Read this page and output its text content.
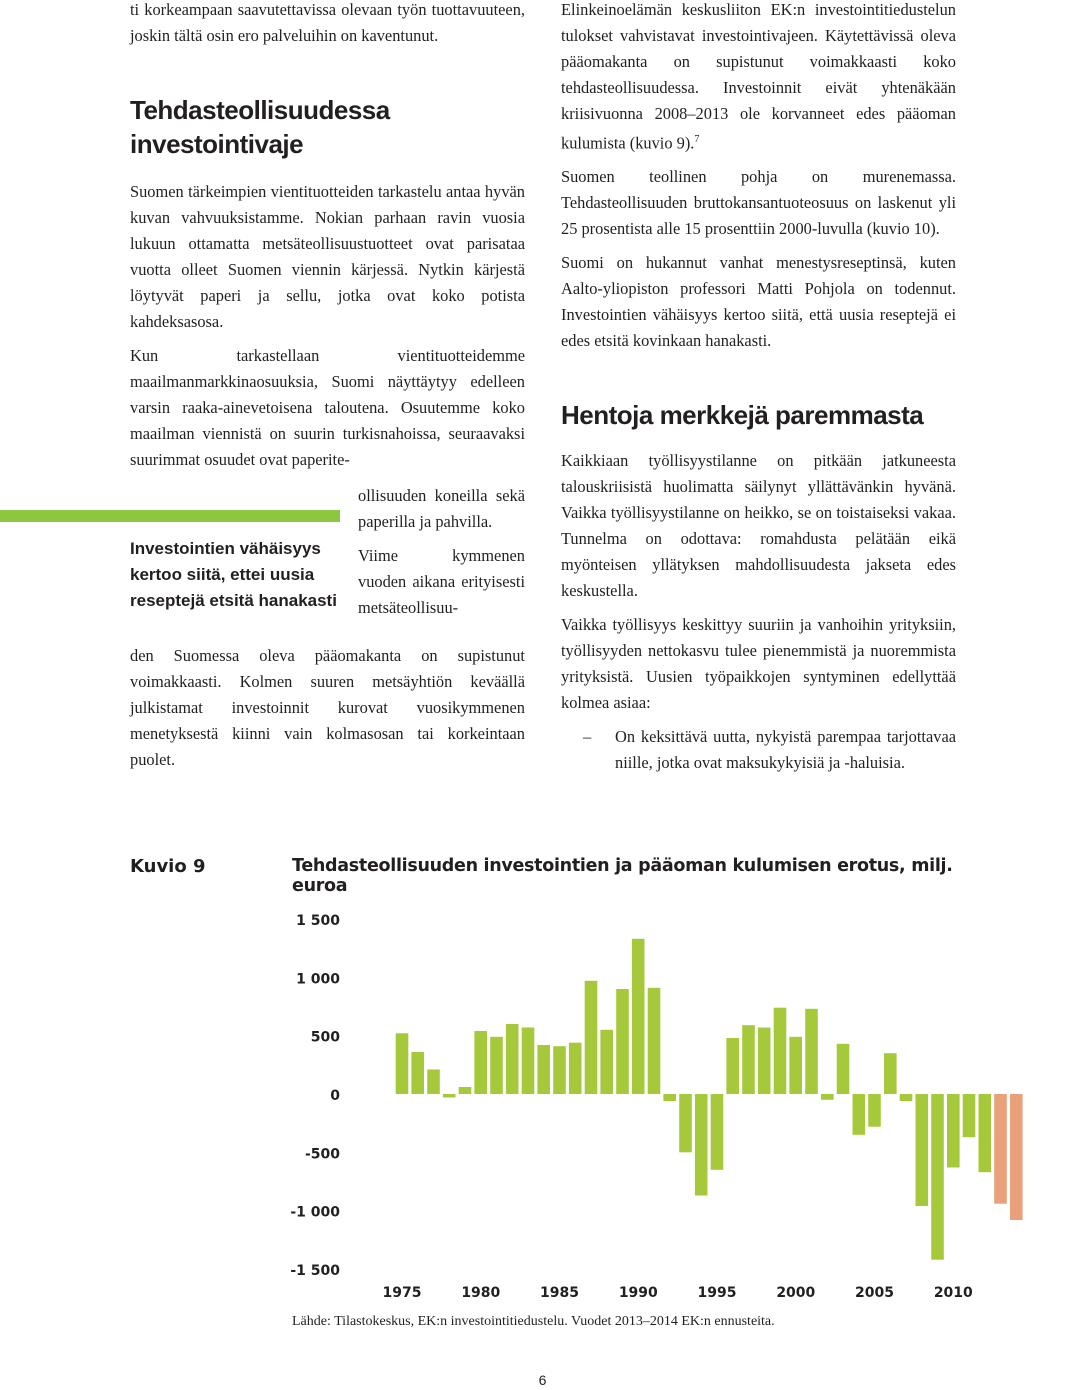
ti korkeampaan saavutettavissa olevaan työn tuottavuuteen, joskin tältä osin ero palveluihin on kaventunut.

Tehdasteollisuudessa investointivaje

Suomen tärkeimpien vientituotteiden tarkastelu antaa hyvän kuvan vahvuuksistamme. Nokian parhaan ravin vuosia lukuun ottamatta metsäteollisuustuotteet ovat parisataa vuotta olleet Suomen viennin kärjessä. Nytkin kärjestä löytyvät paperi ja sellu, jotka ovat koko potista kahdeksasosa.

Kun tarkastellaan vientituotteidemme maailmanmarkkinaosuuksia, Suomi näyttäytyy edelleen varsin raaka-ainevetoisena taloutena. Osuutemme koko maailman viennistä on suurin turkisnahoissa, seuraavaksi suurimmat osuudet ovat paperite-

ollisuuden koneilla sekä paperilla ja pahvilla.

Viime kymmenen vuoden aikana erityisesti metsäteollisuu-

den Suomessa oleva pääomakanta on supistunut voimakkaasti. Kolmen suuren metsäyhtiön keväällä julkistamat investoinnit kurovat vuosikymmenen menetyksestä kiinni vain kolmasosan tai korkeintaan puolet.

Investointien vähäisyys kertoo siitä, ettei uusia reseptejä etsitä hanakasti

Elinkeinoelämän keskusliiton EK:n investointitiedustelun tulokset vahvistavat investointivajeen. Käytettävissä oleva pääomakanta on supistunut voimakkaasti koko tehdasteollisuudessa. Investoinnit eivät yhtenäkään kriisivuonna 2008–2013 ole korvanneet edes pääoman kulumista (kuvio 9).$^7$

Suomen teollinen pohja on murenemassa. Tehdasteollisuuden bruttokansantuoteosuus on laskenut yli 25 prosentista alle 15 prosenttiin 2000-luvulla (kuvio 10).

Suomi on hukannut vanhat menestysreseptinsä, kuten Aalto-yliopiston professori Matti Pohjola on todennut. Investointien vähäisyys kertoo siitä, että uusia reseptejä ei edes etsitä kovinkaan hanakasti.

Hentoja merkkejä paremmasta

Kaikkiaan työllisyystilanne on pitkään jatkuneesta talouskriisistä huolimatta säilynyt yllättävänkin hyvänä. Vaikka työllisyystilanne on heikko, se on toistaiseksi vakaa. Tunnelma on odottava: romahdusta pelätään eikä myönteisen yllätyksen mahdollisuudesta jakseta edes keskustella.

Vaikka työllisyys keskittyy suuriin ja vanhoihin yrityksiin, työllisyyden nettokasvu tulee pienemmistä ja nuoremmista yrityksistä. Uusien työpaikkojen syntyminen edellyttää kolmea asiaa:

–	On keksittävä uutta, nykyistä parempaa tarjottavaa niille, jotka ovat maksukykyisiä ja -haluisia.
Kuvio 9	Tehdasteollisuuden investointien ja pääoman kulumisen erotus, milj. euroa
1 500
1 000
500
0
-500
-1 000
-1 500
1975	1980	1985	1990	1995	2000	2005	2010
Lähde: Tilastokeskus, EK:n investointitiedustelu. Vuodet 2013–2014 EK:n ennusteita.
6
